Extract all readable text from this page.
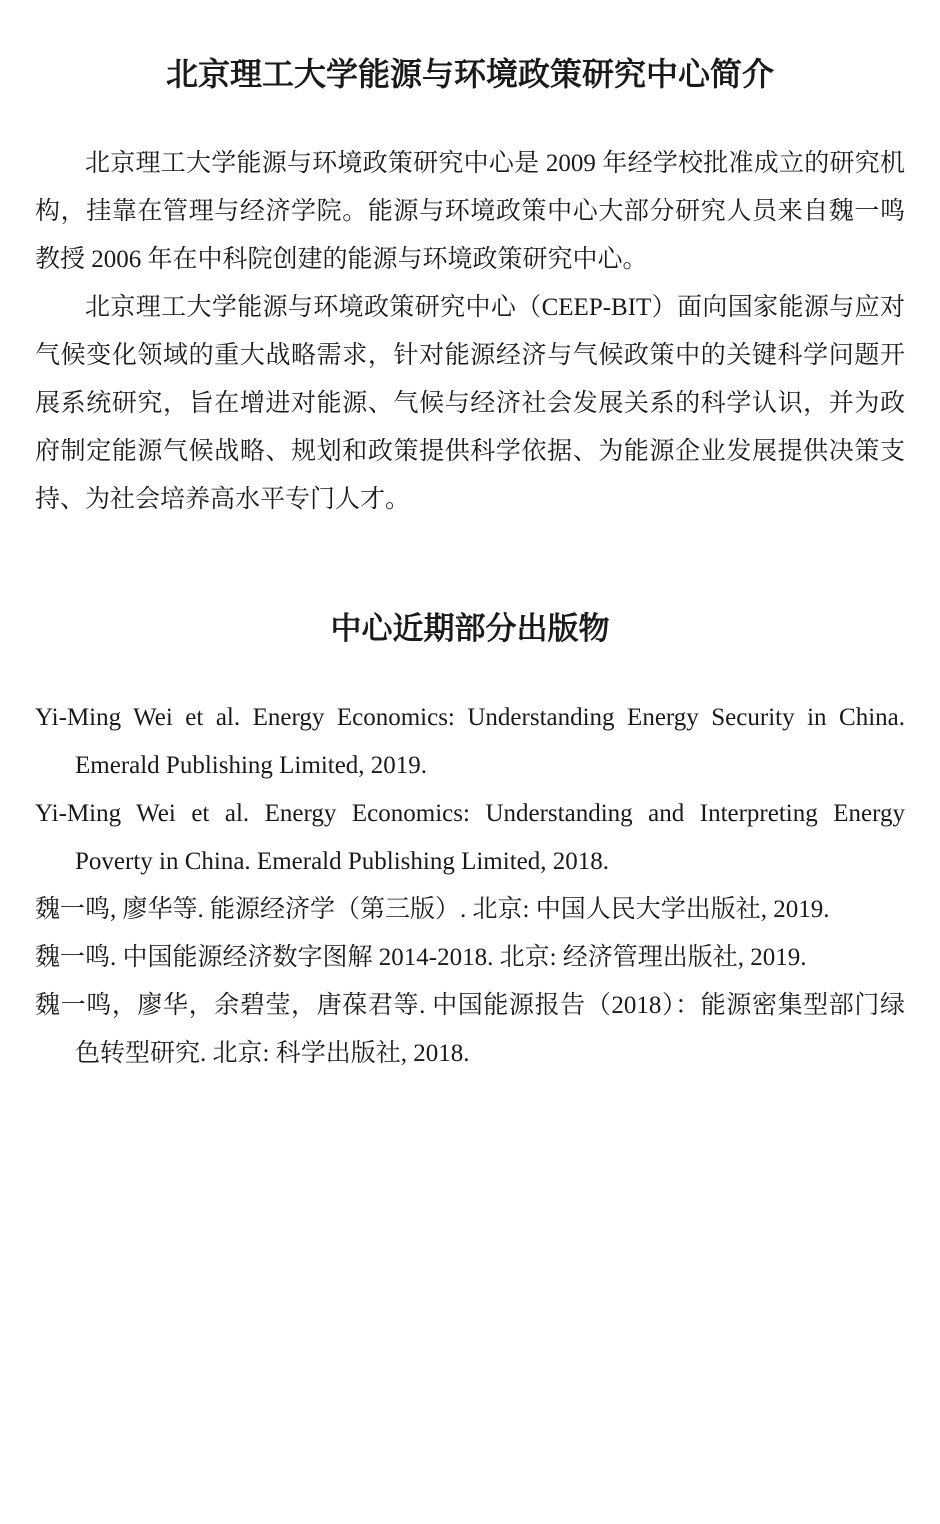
北京理工大学能源与环境政策研究中心简介

北京理工大学能源与环境政策研究中心是 2009 年经学校批准成立的研究机构，挂靠在管理与经济学院。能源与环境政策中心大部分研究人员来自魏一鸣教授 2006 年在中科院创建的能源与环境政策研究中心。

北京理工大学能源与环境政策研究中心（CEEP-BIT）面向国家能源与应对气候变化领域的重大战略需求，针对能源经济与气候政策中的关键科学问题开展系统研究，旨在增进对能源、气候与经济社会发展关系的科学认识，并为政府制定能源气候战略、规划和政策提供科学依据、为能源企业发展提供决策支持、为社会培养高水平专门人才。

中心近期部分出版物

Yi-Ming Wei et al. Energy Economics: Understanding Energy Security in China. Emerald Publishing Limited, 2019.

Yi-Ming Wei et al. Energy Economics: Understanding and Interpreting Energy Poverty in China. Emerald Publishing Limited, 2018.

魏一鸣, 廖华等. 能源经济学（第三版）. 北京: 中国人民大学出版社, 2019.

魏一鸣. 中国能源经济数字图解 2014-2018. 北京: 经济管理出版社, 2019.

魏一鸣，廖华，余碧莹，唐葆君等. 中国能源报告（2018）：能源密集型部门绿色转型研究. 北京: 科学出版社, 2018.
